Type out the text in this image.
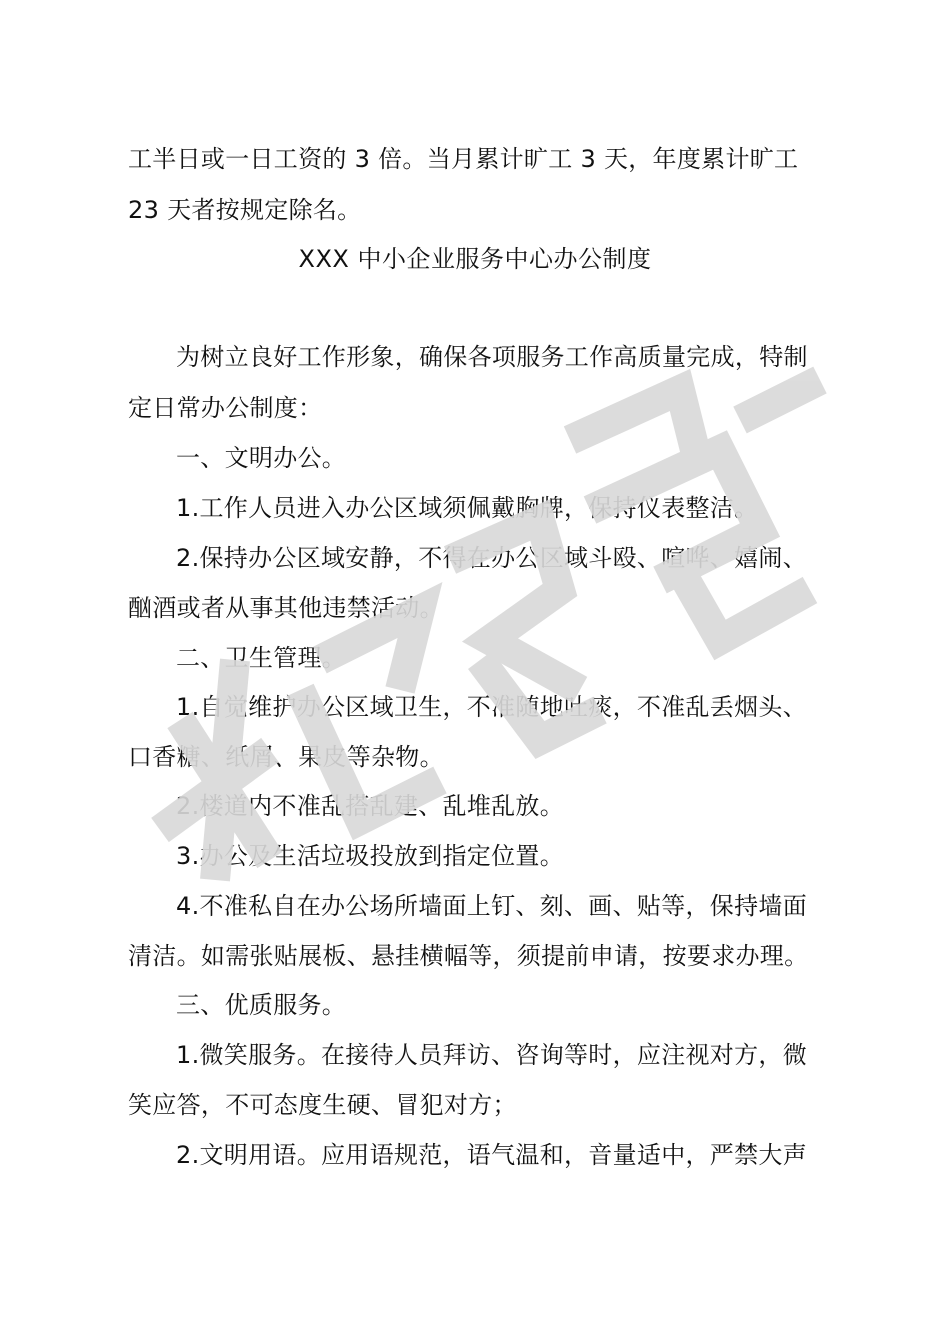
工半日或一日工资的 3 倍。当月累计旷工 3 天，年度累计旷工
23 天者按规定除名。
XXX 中小企业服务中心办公制度
为树立良好工作形象，确保各项服务工作高质量完成，特制
定日常办公制度：
一、文明办公。
1.工作人员进入办公区域须佩戴胸牌，保持仪表整洁。
2.保持办公区域安静，不得在办公区域斗殴、喧哗、嬉闹、
酗酒或者从事其他违禁活动。
二、卫生管理。
1.自觉维护办公区域卫生，不准随地吐痰，不准乱丢烟头、
口香糖、纸屑、果皮等杂物。
2.楼道内不准乱搭乱建、乱堆乱放。
3.办公及生活垃圾投放到指定位置。
4.不准私自在办公场所墙面上钉、刻、画、贴等，保持墙面
清洁。如需张贴展板、悬挂横幅等，须提前申请，按要求办理。
三、优质服务。
1.微笑服务。在接待人员拜访、咨询等时，应注视对方，微
笑应答，不可态度生硬、冒犯对方；
2.文明用语。应用语规范，语气温和，音量适中，严禁大声
